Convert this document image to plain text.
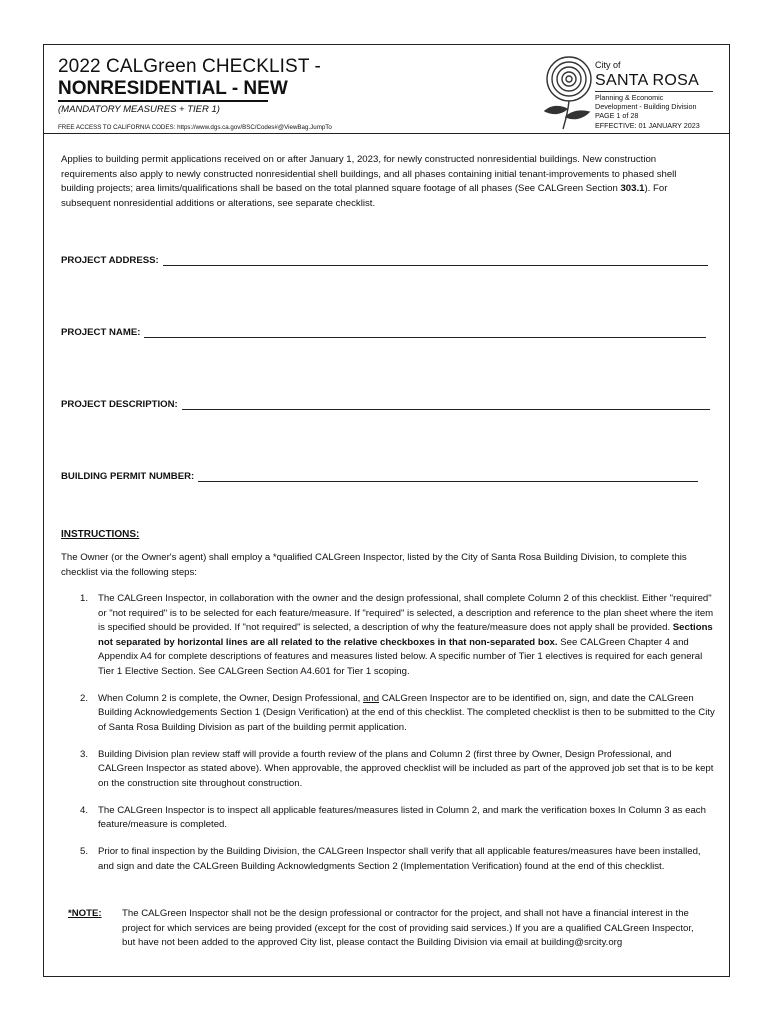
2022 CALGreen CHECKLIST -
NONRESIDENTIAL - NEW
(MANDATORY MEASURES + TIER 1)
FREE ACCESS TO CALIFORNIA CODES: https://www.dgs.ca.gov/BSC/Codes#@ViewBag.JumpTo
City of
SANTA ROSA
Planning & Economic
Development - Building Division
PAGE 1 of 28
EFFECTIVE: 01 JANUARY 2023
Applies to building permit applications received on or after January 1, 2023, for newly constructed nonresidential buildings. New construction requirements also apply to newly constructed nonresidential shell buildings, and all phases containing initial tenant-improvements to phased shell building projects; area limits/qualifications shall be based on the total planned square footage of all phases (See CALGreen Section 303.1). For subsequent nonresidential additions or alterations, see separate checklist.
PROJECT ADDRESS:
PROJECT NAME:
PROJECT DESCRIPTION:
BUILDING PERMIT NUMBER:
INSTRUCTIONS:
The Owner (or the Owner's agent) shall employ a *qualified CALGreen Inspector, listed by the City of Santa Rosa Building Division, to complete this checklist via the following steps:
1. The CALGreen Inspector, in collaboration with the owner and the design professional, shall complete Column 2 of this checklist. Either "required" or "not required" is to be selected for each feature/measure. If "required" is selected, a description and reference to the plan sheet where the item is specified should be provided. If "not required" is selected, a description of why the feature/measure does not apply shall be provided. Sections not separated by horizontal lines are all related to the relative checkboxes in that non-separated box. See CALGreen Chapter 4 and Appendix A4 for complete descriptions of features and measures listed below. A specific number of Tier 1 electives is required for each general Tier 1 Elective Section. See CALGreen Section A4.601 for Tier 1 scoping.
2. When Column 2 is complete, the Owner, Design Professional, and CALGreen Inspector are to be identified on, sign, and date the CALGreen Building Acknowledgements Section 1 (Design Verification) at the end of this checklist. The completed checklist is then to be submitted to the City of Santa Rosa Building Division as part of the building permit application.
3. Building Division plan review staff will provide a fourth review of the plans and Column 2 (first three by Owner, Design Professional, and CALGreen Inspector as stated above). When approvable, the approved checklist will be included as part of the approved job set that is to be kept on the construction site throughout construction.
4. The CALGreen Inspector is to inspect all applicable features/measures listed in Column 2, and mark the verification boxes In Column 3 as each feature/measure is completed.
5. Prior to final inspection by the Building Division, the CALGreen Inspector shall verify that all applicable features/measures have been installed, and sign and date the CALGreen Building Acknowledgments Section 2 (Implementation Verification) found at the end of this checklist.
*NOTE: The CALGreen Inspector shall not be the design professional or contractor for the project, and shall not have a financial interest in the project for which services are being provided (except for the cost of providing said services.) If you are a qualified CALGreen Inspector, but have not been added to the approved City list, please contact the Building Division via email at building@srcity.org
